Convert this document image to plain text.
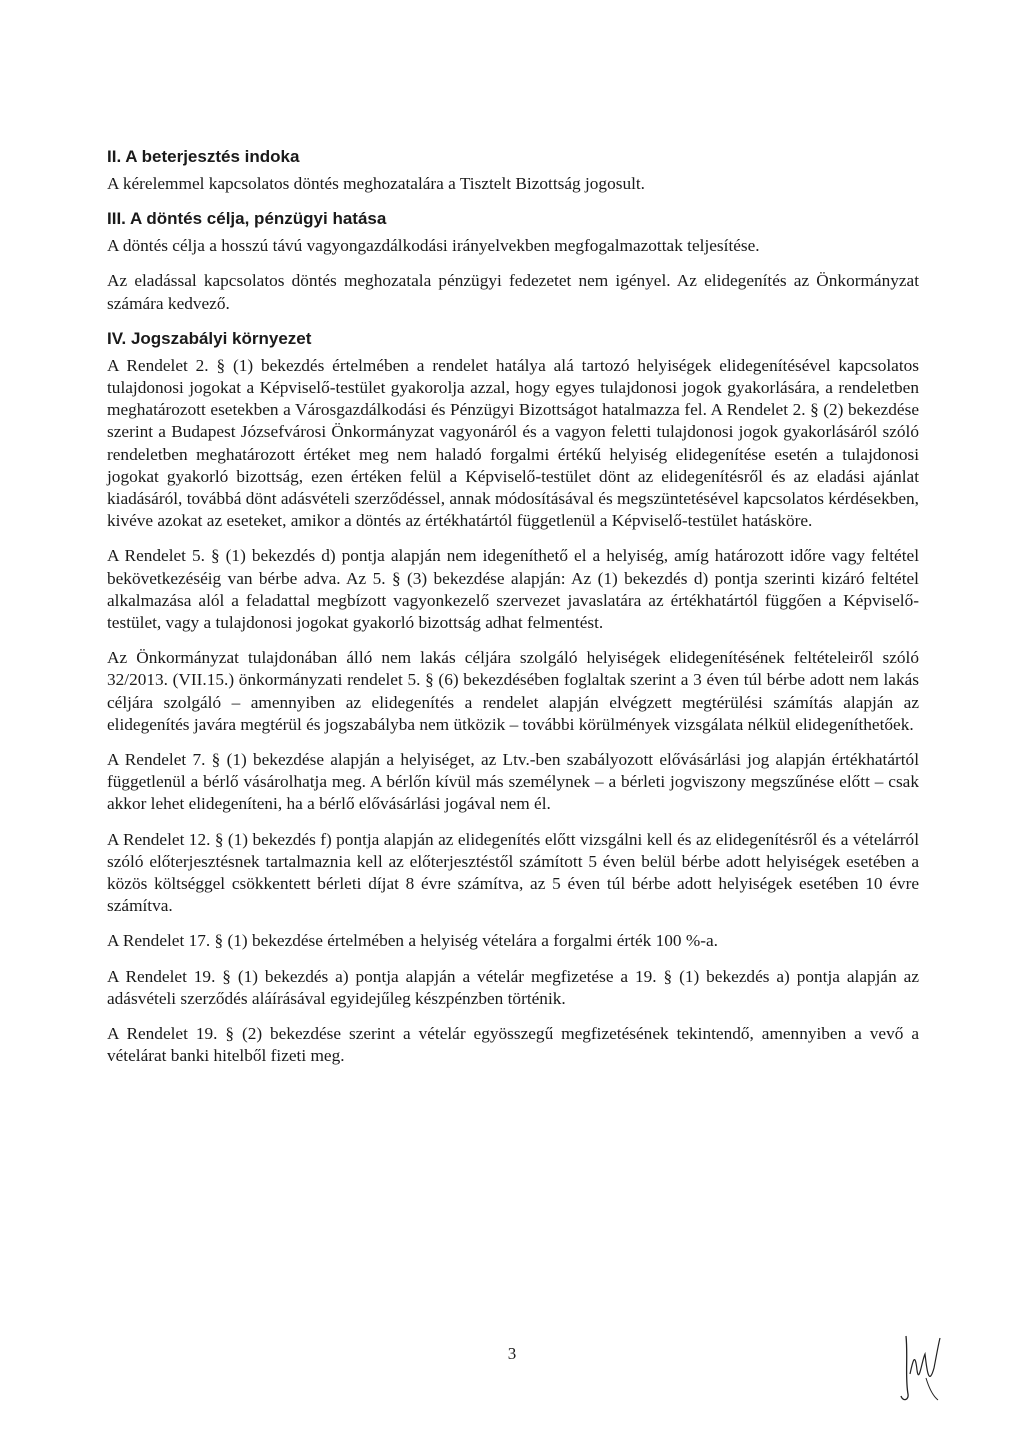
II. A beterjesztés indoka

A kérelemmel kapcsolatos döntés meghozatalára a Tisztelt Bizottság jogosult.

III. A döntés célja, pénzügyi hatása

A döntés célja a hosszú távú vagyongazdálkodási irányelvekben megfogalmazottak teljesítése.

Az eladással kapcsolatos döntés meghozatala pénzügyi fedezetet nem igényel. Az elidegenítés az Önkormányzat számára kedvező.

IV. Jogszabályi környezet

A Rendelet 2. § (1) bekezdés értelmében a rendelet hatálya alá tartozó helyiségek elidegenítésével kapcsolatos tulajdonosi jogokat a Képviselő-testület gyakorolja azzal, hogy egyes tulajdonosi jogok gyakorlására, a rendeletben meghatározott esetekben a Városgazdálkodási és Pénzügyi Bizottságot hatalmazza fel. A Rendelet 2. § (2) bekezdése szerint a Budapest Józsefvárosi Önkormányzat vagyonáról és a vagyon feletti tulajdonosi jogok gyakorlásáról szóló rendeletben meghatározott értéket meg nem haladó forgalmi értékű helyiség elidegenítése esetén a tulajdonosi jogokat gyakorló bizottság, ezen értéken felül a Képviselő-testület dönt az elidegenítésről és az eladási ajánlat kiadásáról, továbbá dönt adásvételi szerződéssel, annak módosításával és megszüntetésével kapcsolatos kérdésekben, kivéve azokat az eseteket, amikor a döntés az értékhatártól függetlenül a Képviselő-testület hatásköre.

A Rendelet 5. § (1) bekezdés d) pontja alapján nem idegeníthető el a helyiség, amíg határozott időre vagy feltétel bekövetkezéséig van bérbe adva. Az 5. § (3) bekezdése alapján: Az (1) bekezdés d) pontja szerinti kizáró feltétel alkalmazása alól a feladattal megbízott vagyonkezelő szervezet javaslatára az értékhatártól függően a Képviselő-testület, vagy a tulajdonosi jogokat gyakorló bizottság adhat felmentést.

Az Önkormányzat tulajdonában álló nem lakás céljára szolgáló helyiségek elidegenítésének feltételeiről szóló 32/2013. (VII.15.) önkormányzati rendelet 5. § (6) bekezdésében foglaltak szerint a 3 éven túl bérbe adott nem lakás céljára szolgáló – amennyiben az elidegenítés a rendelet alapján elvégzett megtérülési számítás alapján az elidegenítés javára megtérül és jogszabályba nem ütközik – további körülmények vizsgálata nélkül elidegeníthetőek.

A Rendelet 7. § (1) bekezdése alapján a helyiséget, az Ltv.-ben szabályozott elővásárlási jog alapján értékhatártól függetlenül a bérlő vásárolhatja meg. A bérlőn kívül más személynek – a bérleti jogviszony megszűnése előtt – csak akkor lehet elidegeníteni, ha a bérlő elővásárlási jogával nem él.

A Rendelet 12. § (1) bekezdés f) pontja alapján az elidegenítés előtt vizsgálni kell és az elidegenítésről és a vételárról szóló előterjesztésnek tartalmaznia kell az előterjesztéstől számított 5 éven belül bérbe adott helyiségek esetében a közös költséggel csökkentett bérleti díjat 8 évre számítva, az 5 éven túl bérbe adott helyiségek esetében 10 évre számítva.

A Rendelet 17. § (1) bekezdése értelmében a helyiség vételára a forgalmi érték 100 %-a.

A Rendelet 19. § (1) bekezdés a) pontja alapján a vételár megfizetése a 19. § (1) bekezdés a) pontja alapján az adásvételi szerződés aláírásával egyidejűleg készpénzben történik.

A Rendelet 19. § (2) bekezdése szerint a vételár egyösszegű megfizetésének tekintendő, amennyiben a vevő a vételárat banki hitelből fizeti meg.

3
